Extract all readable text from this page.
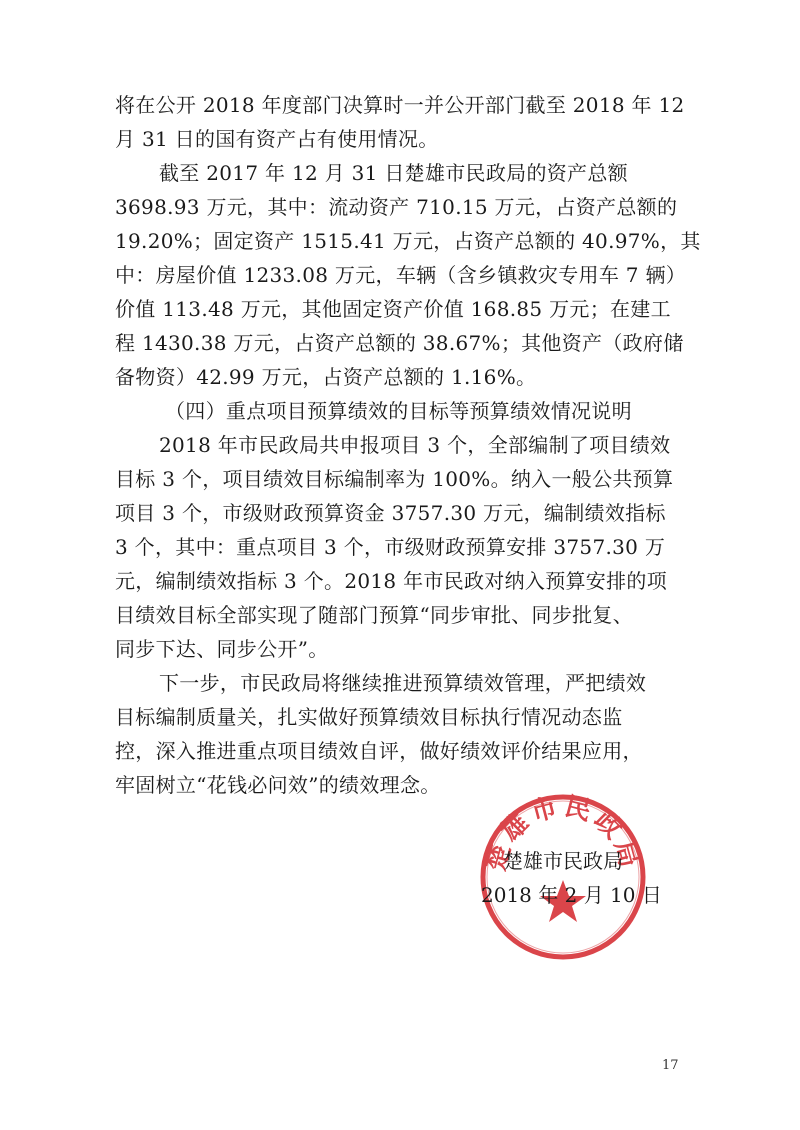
将在公开 2018 年度部门决算时一并公开部门截至 2018 年 12
月 31 日的国有资产占有使用情况。
截至 2017 年 12 月 31 日楚雄市民政局的资产总额
3698.93 万元，其中：流动资产 710.15 万元，占资产总额的
19.20%；固定资产 1515.41 万元，占资产总额的 40.97%，其
中：房屋价值 1233.08 万元，车辆（含乡镇救灾专用车 7 辆）
价值 113.48 万元，其他固定资产价值 168.85 万元；在建工
程 1430.38 万元，占资产总额的 38.67%；其他资产（政府储
备物资）42.99 万元，占资产总额的 1.16%。
（四）重点项目预算绩效的目标等预算绩效情况说明
2018 年市民政局共申报项目 3 个，全部编制了项目绩效
目标 3 个，项目绩效目标编制率为 100%。纳入一般公共预算
项目 3 个，市级财政预算资金 3757.30 万元，编制绩效指标
3 个，其中：重点项目 3 个，市级财政预算安排 3757.30 万
元，编制绩效指标 3 个。2018 年市民政对纳入预算安排的项
目绩效目标全部实现了随部门预算“同步审批、同步批复、
同步下达、同步公开”。
下一步，市民政局将继续推进预算绩效管理，严把绩效
目标编制质量关，扎实做好预算绩效目标执行情况动态监
控，深入推进重点项目绩效自评，做好绩效评价结果应用，
牢固树立“花钱必问效”的绩效理念。
楚雄市民政局
楚雄市民政局
2018 年 2 月 10 日
17
